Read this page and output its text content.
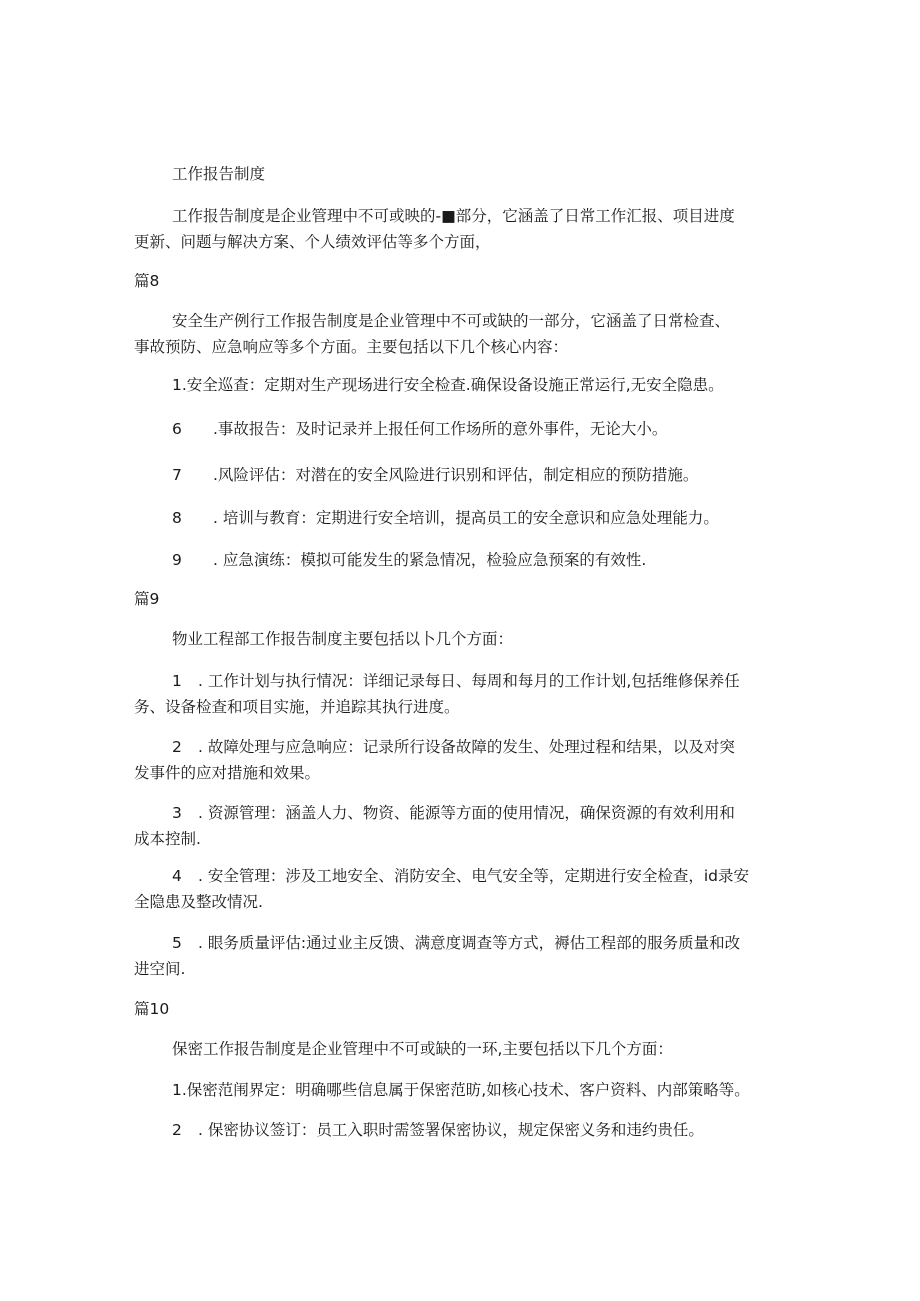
工作报告制度
工作报告制度是企业管理中不可或映的-■部分，它涵盖了日常工作汇报、项目进度
更新、问题与解决方案、个人绩效评估等多个方面，
篇8
安全生产例行工作报告制度是企业管理中不可或缺的一部分，它涵盖了日常检查、
事故预防、应急响应等多个方面。主要包括以下几个核心内容：
1.安全巡查：定期对生产现场进行安全检查.确保设备设施正常运行,无安全隐患。
6 .事故报告：及时记录并上报任何工作场所的意外事件，无论大小。
7 .风险评估：对潜在的安全风险进行识别和评估，制定相应的预防措施。
8 . 培训与教育：定期进行安全培训，提高员工的安全意识和应急处理能力。
9 . 应急演练：模拟可能发生的紧急情况，检验应急预案的有效性.
篇9
物业工程部工作报告制度主要包括以卜几个方面：
1 . 工作计划与执行情况：详细记录每日、每周和每月的工作计划,包括维修保养任
务、设备检查和项目实施，并追踪其执行进度。
2 . 故障处理与应急响应：记录所行设备故障的发生、处理过程和结果，以及对突
发事件的应对措施和效果。
3 . 资源管理：涵盖人力、物资、能源等方面的使用情况，确保资源的有效利用和
成本控制.
4 . 安全管理：涉及工地安全、消防安全、电气安全等，定期进行安全检查，id录安
全隐患及整改情况.
5 . 眼务质量评估:通过业主反馈、满意度调查等方式，褥估工程部的服务质量和改
进空间.
篇10
保密工作报告制度是企业管理中不可或缺的一环,主要包括以下几个方面：
1.保密范闱界定：明确哪些信息属于保密范昉,如核心技术、客户资料、内部策略等。
2 . 保密协议签订：员工入职时需签署保密协议，规定保密义务和违约贵任。
